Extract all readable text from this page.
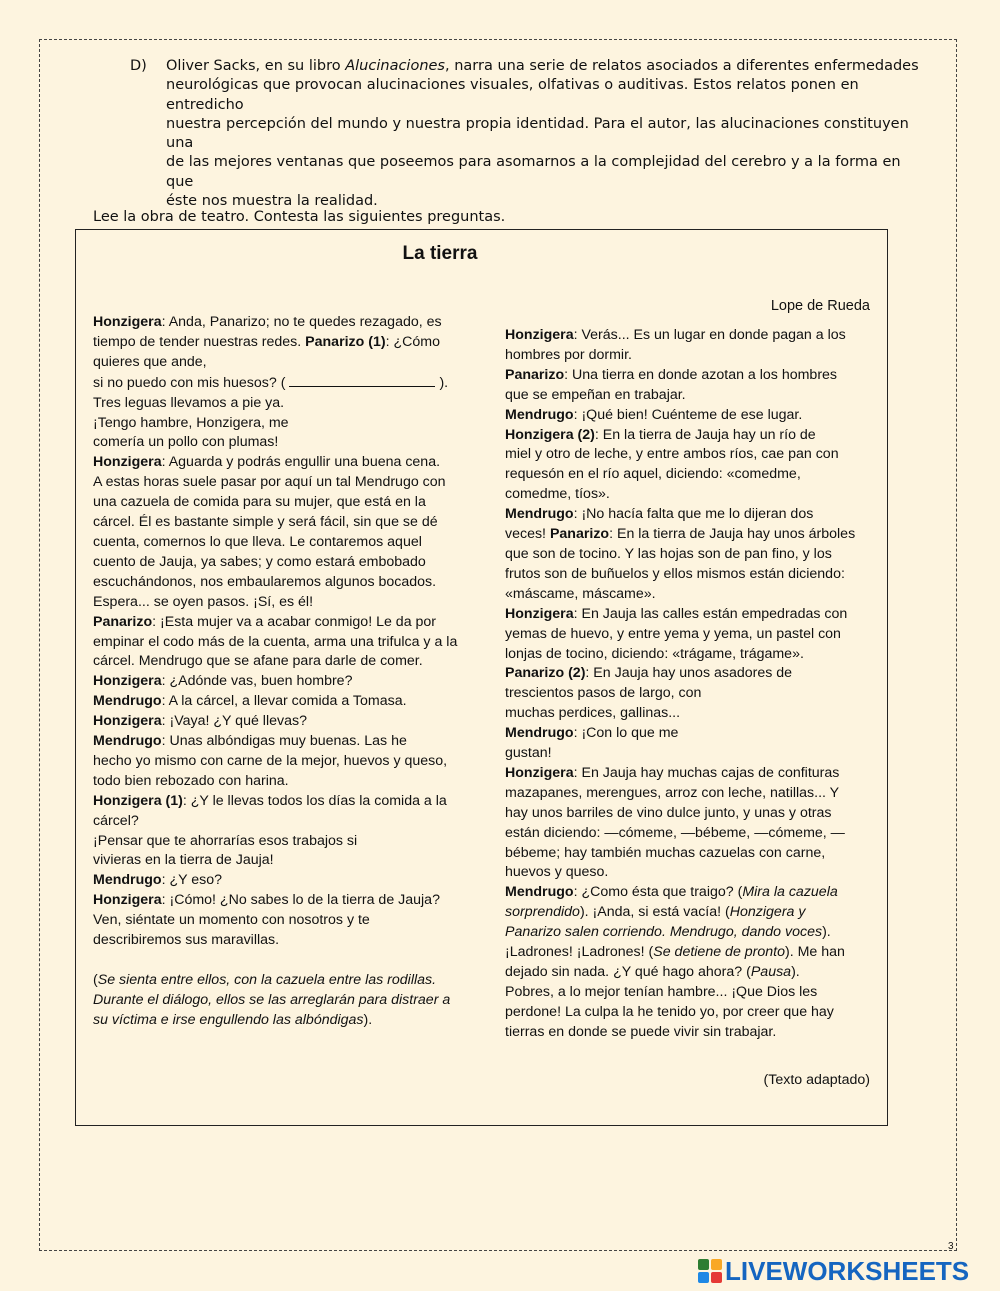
D) Oliver Sacks, en su libro Alucinaciones, narra una serie de relatos asociados a diferentes enfermedades
neurológicas que provocan alucinaciones visuales, olfativas o auditivas. Estos relatos ponen en entredicho
nuestra percepción del mundo y nuestra propia identidad. Para el autor, las alucinaciones constituyen una
de las mejores ventanas que poseemos para asomarnos a la complejidad del cerebro y a la forma en que
éste nos muestra la realidad.
Lee la obra de teatro. Contesta las siguientes preguntas.
La tierra
Lope de Rueda
Honzigera: Anda, Panarizo; no te quedes rezagado, es
tiempo de tender nuestras redes. Panarizo (1): ¿Cómo
quieres que ande,
si no puedo con mis huesos? (	).
Tres leguas llevamos a pie ya.
¡Tengo hambre, Honzigera, me
comería un pollo con plumas!
Honzigera: Aguarda y podrás engullir una buena cena.
A estas horas suele pasar por aquí un tal Mendrugo con
una cazuela de comida para su mujer, que está en la
cárcel. Él es bastante simple y será fácil, sin que se dé
cuenta, comernos lo que lleva. Le contaremos aquel
cuento de Jauja, ya sabes; y como estará embobado
escuchándonos, nos embaularemos algunos bocados.
Espera... se oyen pasos. ¡Sí, es él!
Panarizo: ¡Esta mujer va a acabar conmigo! Le da por
empinar el codo más de la cuenta, arma una trifulca y a la
cárcel. Mendrugo que se afane para darle de comer.
Honzigera: ¿Adónde vas, buen hombre?
Mendrugo: A la cárcel, a llevar comida a Tomasa.
Honzigera: ¡Vaya! ¿Y qué llevas?
Mendrugo: Unas albóndigas muy buenas. Las he
hecho yo mismo con carne de la mejor, huevos y queso,
todo bien rebozado con harina.
Honzigera (1): ¿Y le llevas todos los días la comida a la
cárcel?
¡Pensar que te ahorrarías esos trabajos si
vivieras en la tierra de Jauja!
Mendrugo: ¿Y eso?
Honzigera: ¡Cómo! ¿No sabes lo de la tierra de Jauja?
Ven, siéntate un momento con nosotros y te
describiremos sus maravillas.
(Se sienta entre ellos, con la cazuela entre las rodillas.
Durante el diálogo, ellos se las arreglarán para distraer a
su víctima e irse engullendo las albóndigas).
Honzigera: Verás... Es un lugar en donde pagan a los
hombres por dormir.
Panarizo: Una tierra en donde azotan a los hombres
que se empeñan en trabajar.
Mendrugo: ¡Qué bien! Cuénteme de ese lugar.
Honzigera (2): En la tierra de Jauja hay un río de
miel y otro de leche, y entre ambos ríos, cae pan con
requesón en el río aquel, diciendo: «comedme,
comedme, tíos».
Mendrugo: ¡No hacía falta que me lo dijeran dos
veces! Panarizo: En la tierra de Jauja hay unos árboles
que son de tocino. Y las hojas son de pan fino, y los
frutos son de buñuelos y ellos mismos están diciendo:
«máscame, máscame».
Honzigera: En Jauja las calles están empedradas con
yemas de huevo, y entre yema y yema, un pastel con
lonjas de tocino, diciendo: «trágame, trágame».
Panarizo (2): En Jauja hay unos asadores de
trescientos pasos de largo, con
muchas perdices, gallinas...
Mendrugo: ¡Con lo que me
gustan!
Honzigera: En Jauja hay muchas cajas de confituras
mazapanes, merengues, arroz con leche, natillas... Y
hay unos barriles de vino dulce junto, y unas y otras
están diciendo: —cómeme, —bébeme, —cómeme, —
bébeme; hay también muchas cazuelas con carne,
huevos y queso.
Mendrugo: ¿Como ésta que traigo? (Mira la cazuela
sorprendido). ¡Anda, si está vacía! (Honzigera y
Panarizo salen corriendo. Mendrugo, dando voces).
¡Ladrones! ¡Ladrones! (Se detiene de pronto). Me han
dejado sin nada. ¿Y qué hago ahora? (Pausa).
Pobres, a lo mejor tenían hambre... ¡Que Dios les
perdone! La culpa la he tenido yo, por creer que hay
tierras en donde se puede vivir sin trabajar.
(Texto adaptado)
3
LIVEWORKSHEETS
